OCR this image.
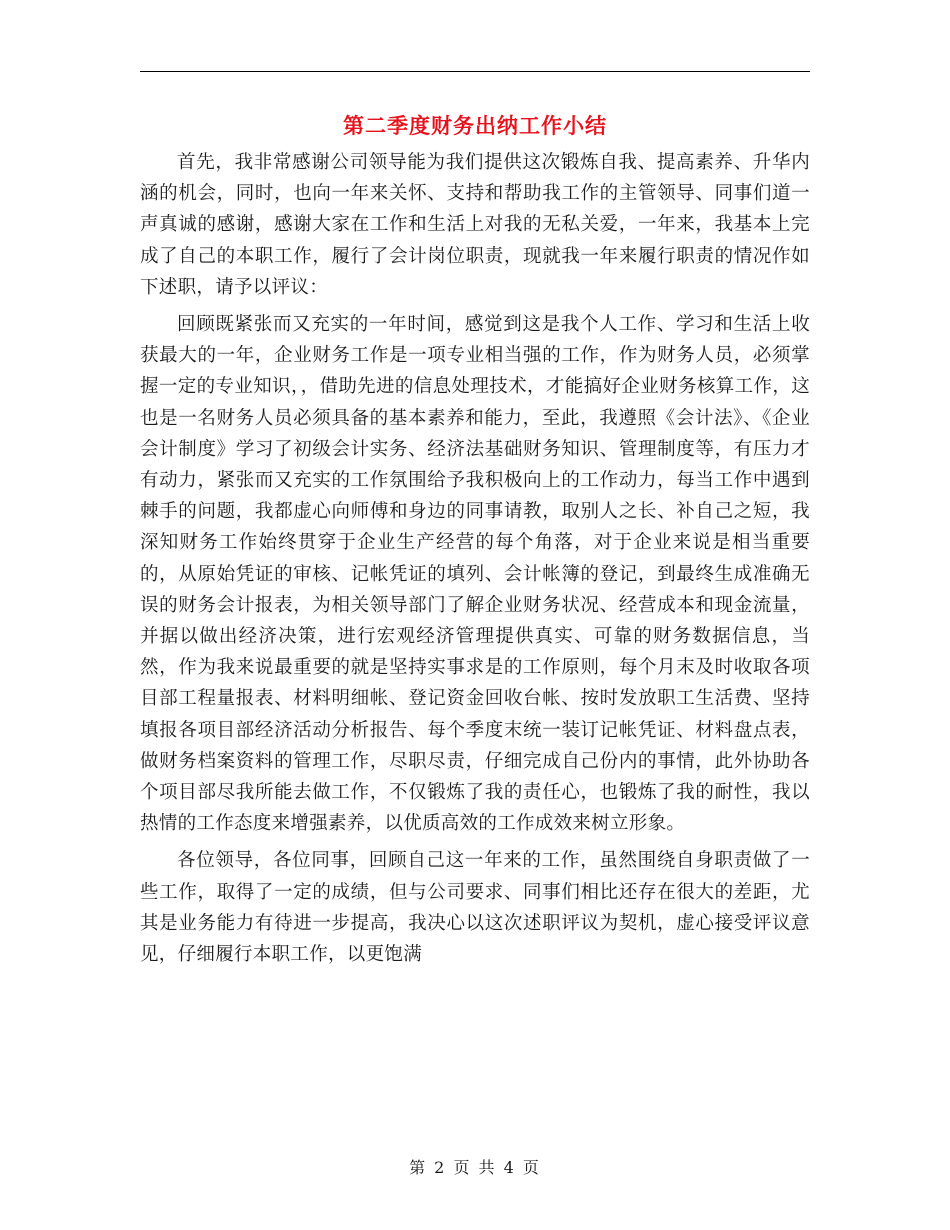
第二季度财务出纳工作小结

首先，我非常感谢公司领导能为我们提供这次锻炼自我、提高素养、升华内涵的机会，同时，也向一年来关怀、支持和帮助我工作的主管领导、同事们道一声真诚的感谢，感谢大家在工作和生活上对我的无私关爱，一年来，我基本上完成了自己的本职工作，履行了会计岗位职责，现就我一年来履行职责的情况作如下述职，请予以评议：

回顾既紧张而又充实的一年时间，感觉到这是我个人工作、学习和生活上收获最大的一年，企业财务工作是一项专业相当强的工作，作为财务人员，必须掌握一定的专业知识，，借助先进的信息处理技术，才能搞好企业财务核算工作，这也是一名财务人员必须具备的基本素养和能力，至此，我遵照《会计法》、《企业会计制度》学习了初级会计实务、经济法基础财务知识、管理制度等，有压力才有动力，紧张而又充实的工作氛围给予我积极向上的工作动力，每当工作中遇到棘手的问题，我都虚心向师傅和身边的同事请教，取别人之长、补自己之短，我深知财务工作始终贯穿于企业生产经营的每个角落，对于企业来说是相当重要的，从原始凭证的审核、记帐凭证的填列、会计帐簿的登记，到最终生成准确无误的财务会计报表，为相关领导部门了解企业财务状况、经营成本和现金流量，并据以做出经济决策，进行宏观经济管理提供真实、可靠的财务数据信息，当然，作为我来说最重要的就是坚持实事求是的工作原则，每个月末及时收取各项目部工程量报表、材料明细帐、登记资金回收台帐、按时发放职工生活费、坚持填报各项目部经济活动分析报告、每个季度末统一装订记帐凭证、材料盘点表，做财务档案资料的管理工作，尽职尽责，仔细完成自己份内的事情，此外协助各个项目部尽我所能去做工作，不仅锻炼了我的责任心，也锻炼了我的耐性，我以热情的工作态度来增强素养，以优质高效的工作成效来树立形象。

各位领导，各位同事，回顾自己这一年来的工作，虽然围绕自身职责做了一些工作，取得了一定的成绩，但与公司要求、同事们相比还存在很大的差距，尤其是业务能力有待进一步提高，我决心以这次述职评议为契机，虚心接受评议意见，仔细履行本职工作，以更饱满

第 2 页 共 4 页
